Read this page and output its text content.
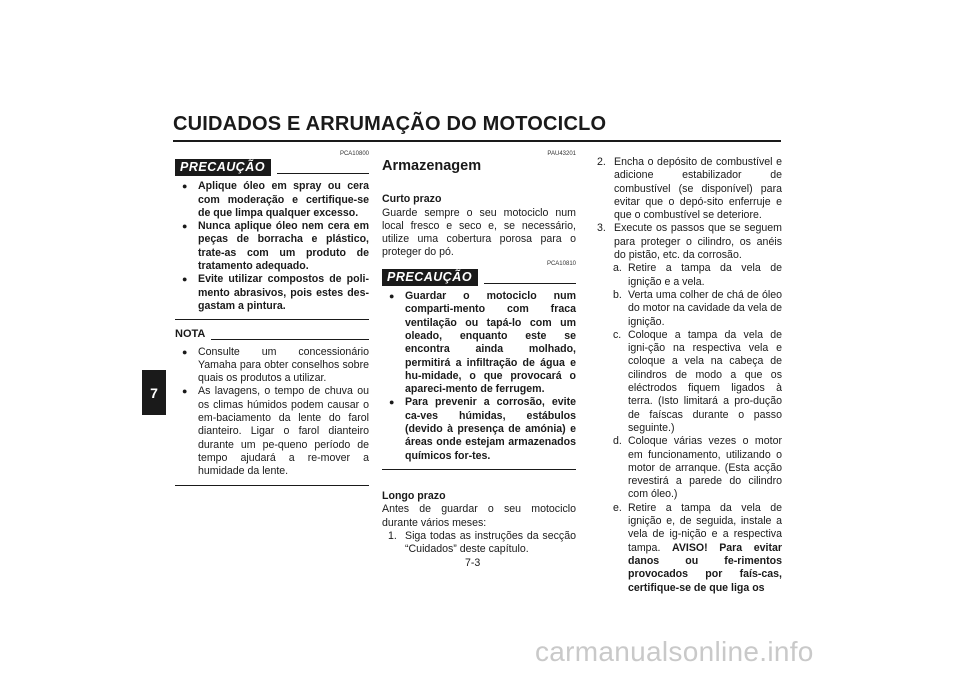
CUIDADOS E ARRUMAÇÃO DO MOTOCICLO
7
PCA10800
PRECAUÇÃO
● Aplique óleo em spray ou cera com moderação e certifique-se de que limpa qualquer excesso.
● Nunca aplique óleo nem cera em peças de borracha e plástico, trate-as com um produto de tratamento adequado.
● Evite utilizar compostos de poli-mento abrasivos, pois estes des-gastam a pintura.
NOTA
● Consulte um concessionário Yamaha para obter conselhos sobre quais os produtos a utilizar.
● As lavagens, o tempo de chuva ou os climas húmidos podem causar o em-baciamento da lente do farol dianteiro. Ligar o farol dianteiro durante um pe-queno período de tempo ajudará a re-mover a humidade da lente.
PAU43201
Armazenagem
Curto prazo
Guarde sempre o seu motociclo num local fresco e seco e, se necessário, utilize uma cobertura porosa para o proteger do pó.
PCA10810
PRECAUÇÃO
● Guardar o motociclo num comparti-mento com fraca ventilação ou tapá-lo com um oleado, enquanto este se encontra ainda molhado, permitirá a infiltração de água e hu-midade, o que provocará o apareci-mento de ferrugem.
● Para prevenir a corrosão, evite ca-ves húmidas, estábulos (devido à presença de amónia) e áreas onde estejam armazenados químicos for-tes.
Longo prazo
Antes de guardar o seu motociclo durante vários meses:
1. Siga todas as instruções da secção “Cuidados” deste capítulo.
2. Encha o depósito de combustível e adicione estabilizador de combustível (se disponível) para evitar que o depó-sito enferruje e que o combustível se deteriore.
3. Execute os passos que se seguem para proteger o cilindro, os anéis do pistão, etc. da corrosão.
a. Retire a tampa da vela de ignição e a vela.
b. Verta uma colher de chá de óleo do motor na cavidade da vela de ignição.
c. Coloque a tampa da vela de igni-ção na respectiva vela e coloque a vela na cabeça de cilindros de modo a que os eléctrodos fiquem ligados à terra. (Isto limitará a pro-dução de faíscas durante o passo seguinte.)
d. Coloque várias vezes o motor em funcionamento, utilizando o motor de arranque. (Esta acção revestirá a parede do cilindro com óleo.)
e. Retire a tampa da vela de ignição e, de seguida, instale a vela de ig-nição e a respectiva tampa. AVISO! Para evitar danos ou fe-rimentos provocados por faís-cas, certifique-se de que liga os
7-3
carmanualsonline.info
